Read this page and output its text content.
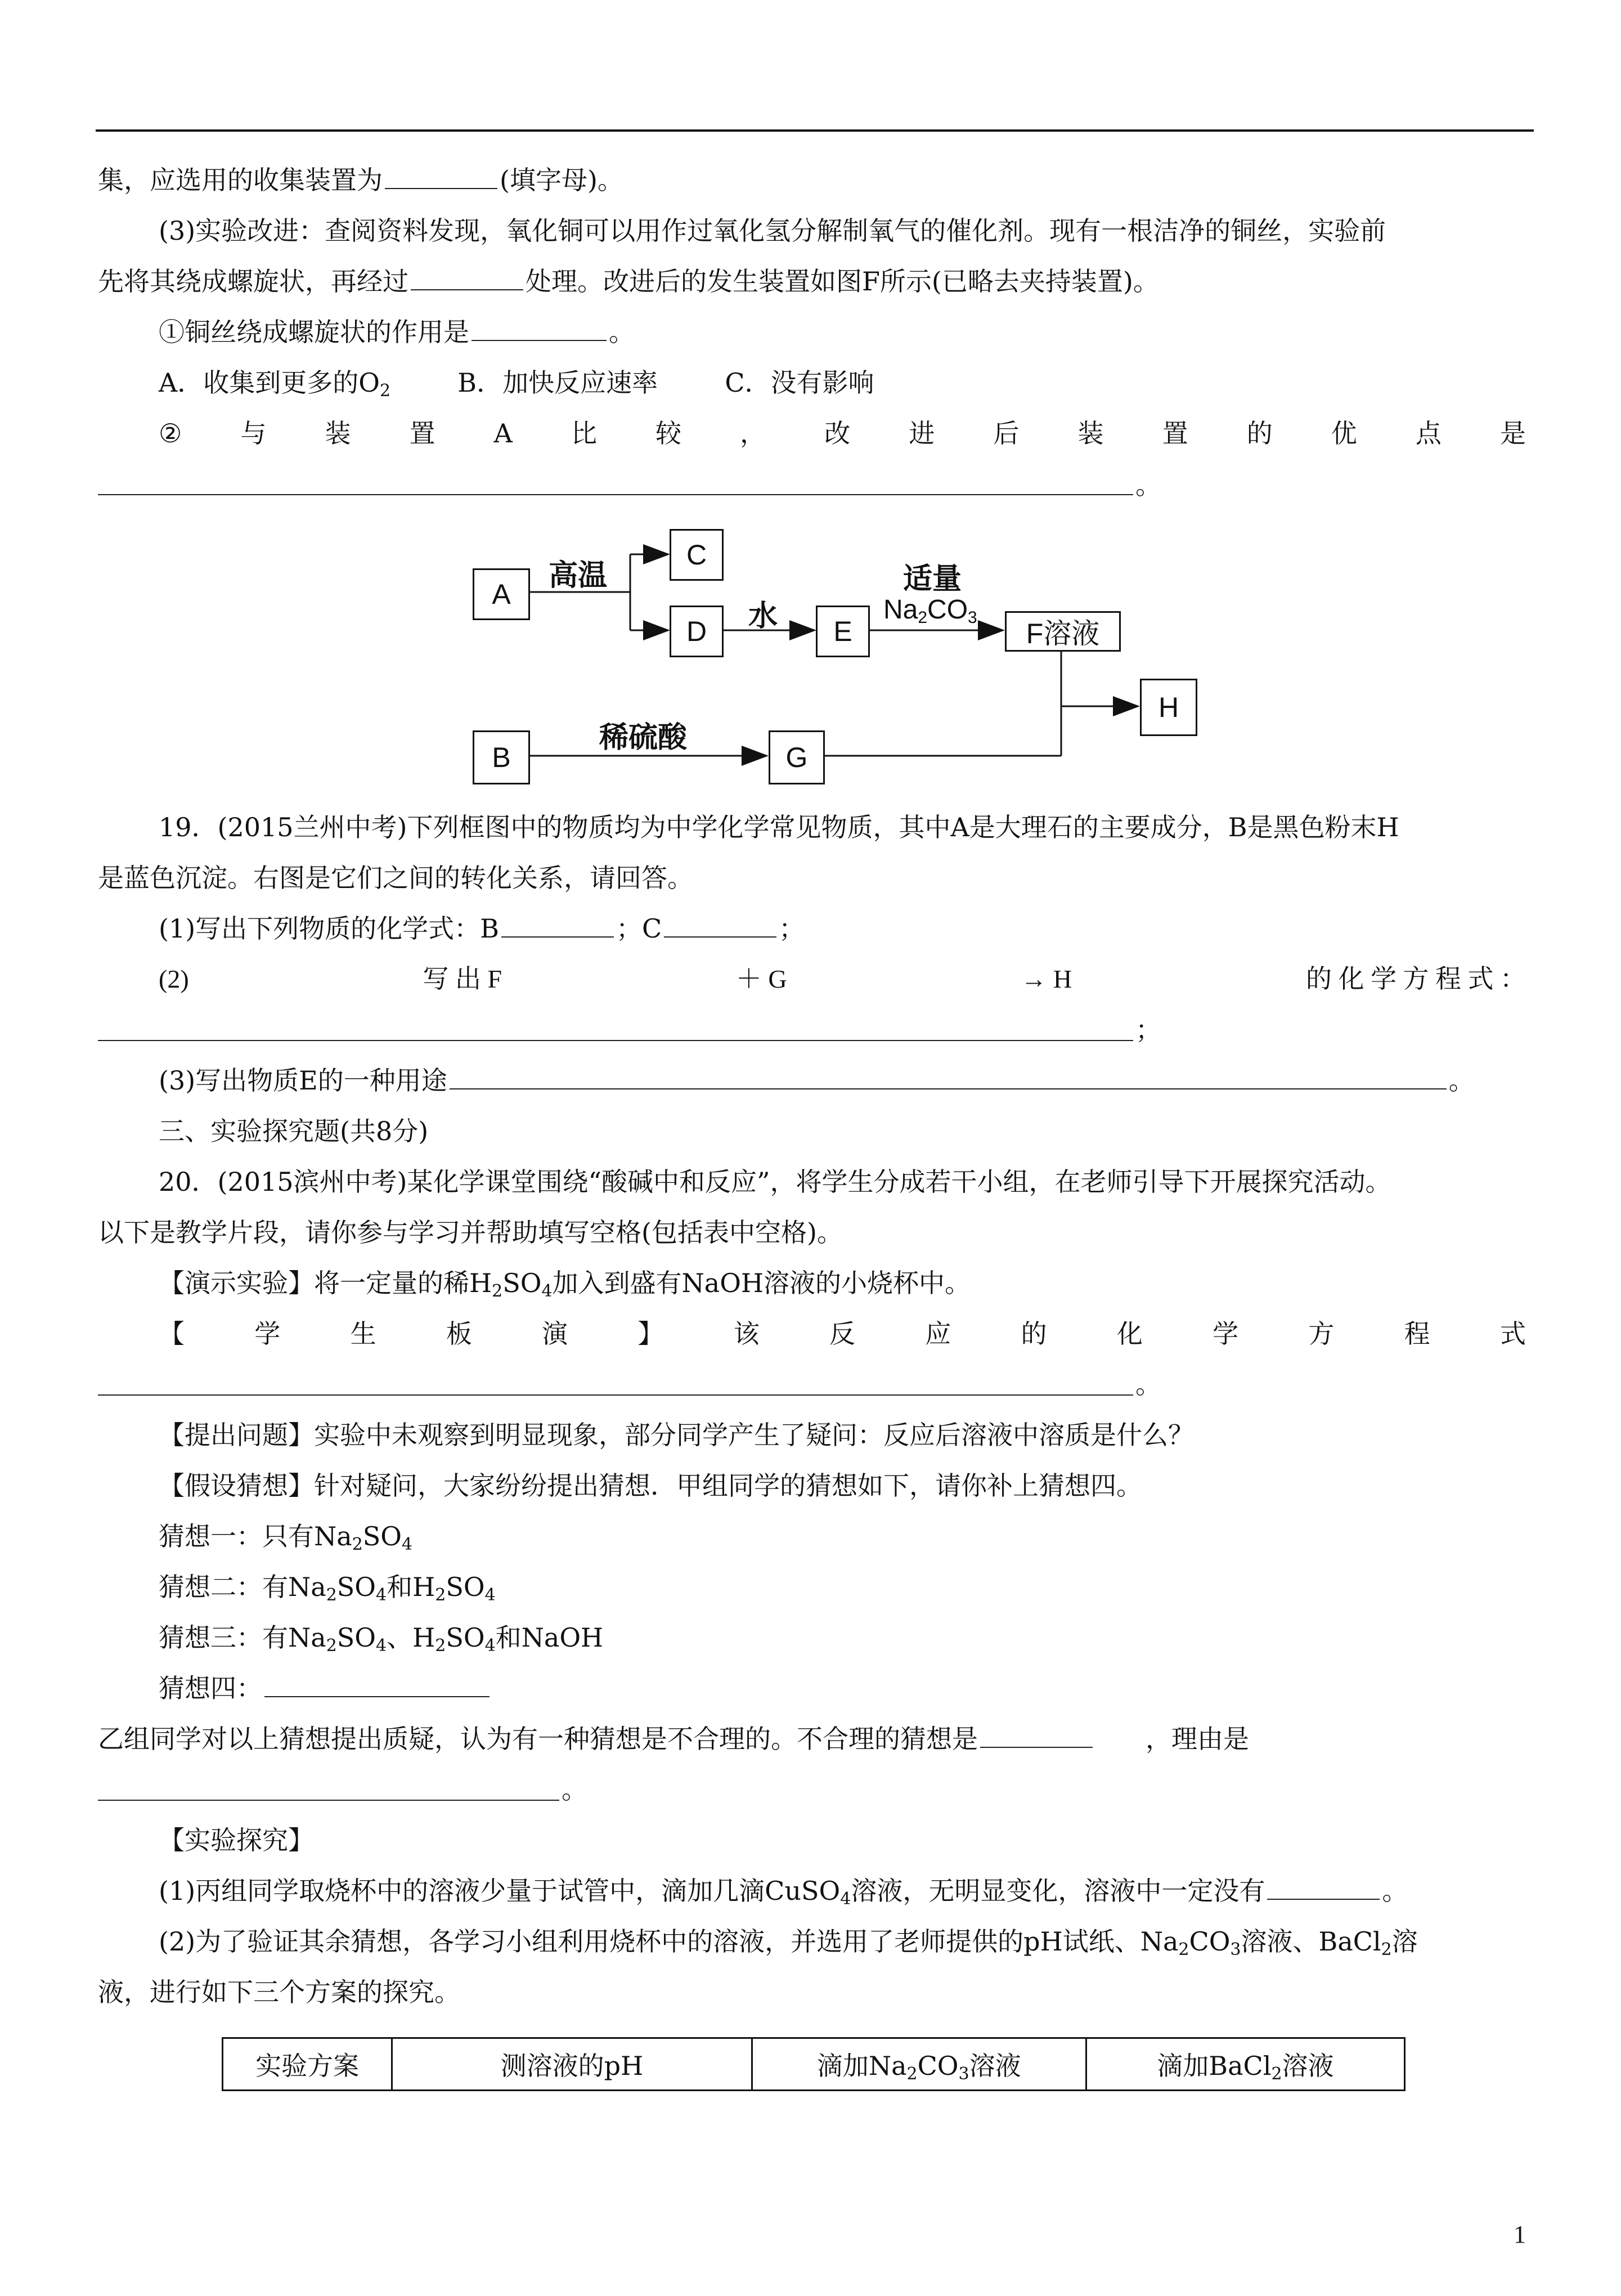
集，应选用的收集装置为	(填字母)。
(3)实验改进：查阅资料发现，氧化铜可以用作过氧化氢分解制氧气的催化剂。现有一根洁净的铜丝，实验前
先将其绕成螺旋状，再经过	处理。改进后的发生装置如图F所示(已略去夹持装置)。
①铜丝绕成螺旋状的作用是	。
A．收集到更多的$O_2$	B．加快反应速率	C．没有影响
② 与 装 置 A 比 较 ， 改 进 后 装 置 的 优 点 是
。
A
C
D	E	F溶液
H
B	G
高温
水
适量
$Na_2CO_3$
稀硫酸
19．(2015兰州中考)下列框图中的物质均为中学化学常见物质，其中A是大理石的主要成分，B是黑色粉末H
是蓝色沉淀。右图是它们之间的转化关系，请回答。
(1)写出下列物质的化学式：B	；C	；
(2)	写 出 F	＋ G	→ H	的 化 学 方 程 式 ：
；
(3)写出物质E的一种用途	。
三、实验探究题(共8分)
20．(2015滨州中考)某化学课堂围绕“酸碱中和反应”，将学生分成若干小组，在老师引导下开展探究活动。
以下是教学片段，请你参与学习并帮助填写空格(包括表中空格)。
【演示实验】将一定量的稀$H_2SO_4$加入到盛有NaOH溶液的小烧杯中。
【	学	生	板	演	】	该	反	应	的	化	学	方	程	式
。
【提出问题】实验中未观察到明显现象，部分同学产生了疑问：反应后溶液中溶质是什么？
【假设猜想】针对疑问，大家纷纷提出猜想．甲组同学的猜想如下，请你补上猜想四。
猜想一：只有$Na_2SO_4$
猜想二：有$Na_2SO_4$和$H_2SO_4$
猜想三：有$Na_2SO_4$、$H_2SO_4$和NaOH
猜想四：
乙组同学对以上猜想提出质疑，认为有一种猜想是不合理的。不合理的猜想是	，理由是
。
【实验探究】
(1)丙组同学取烧杯中的溶液少量于试管中，滴加几滴CuSO$_4$溶液，无明显变化，溶液中一定没有	。
(2)为了验证其余猜想，各学习小组利用烧杯中的溶液，并选用了老师提供的pH试纸、$Na_2CO_3$溶液、BaCl$_2$溶
液，进行如下三个方案的探究。
实验方案	测溶液的pH	滴加$Na_2CO_3$溶液	滴加BaCl$_2$溶液
1
